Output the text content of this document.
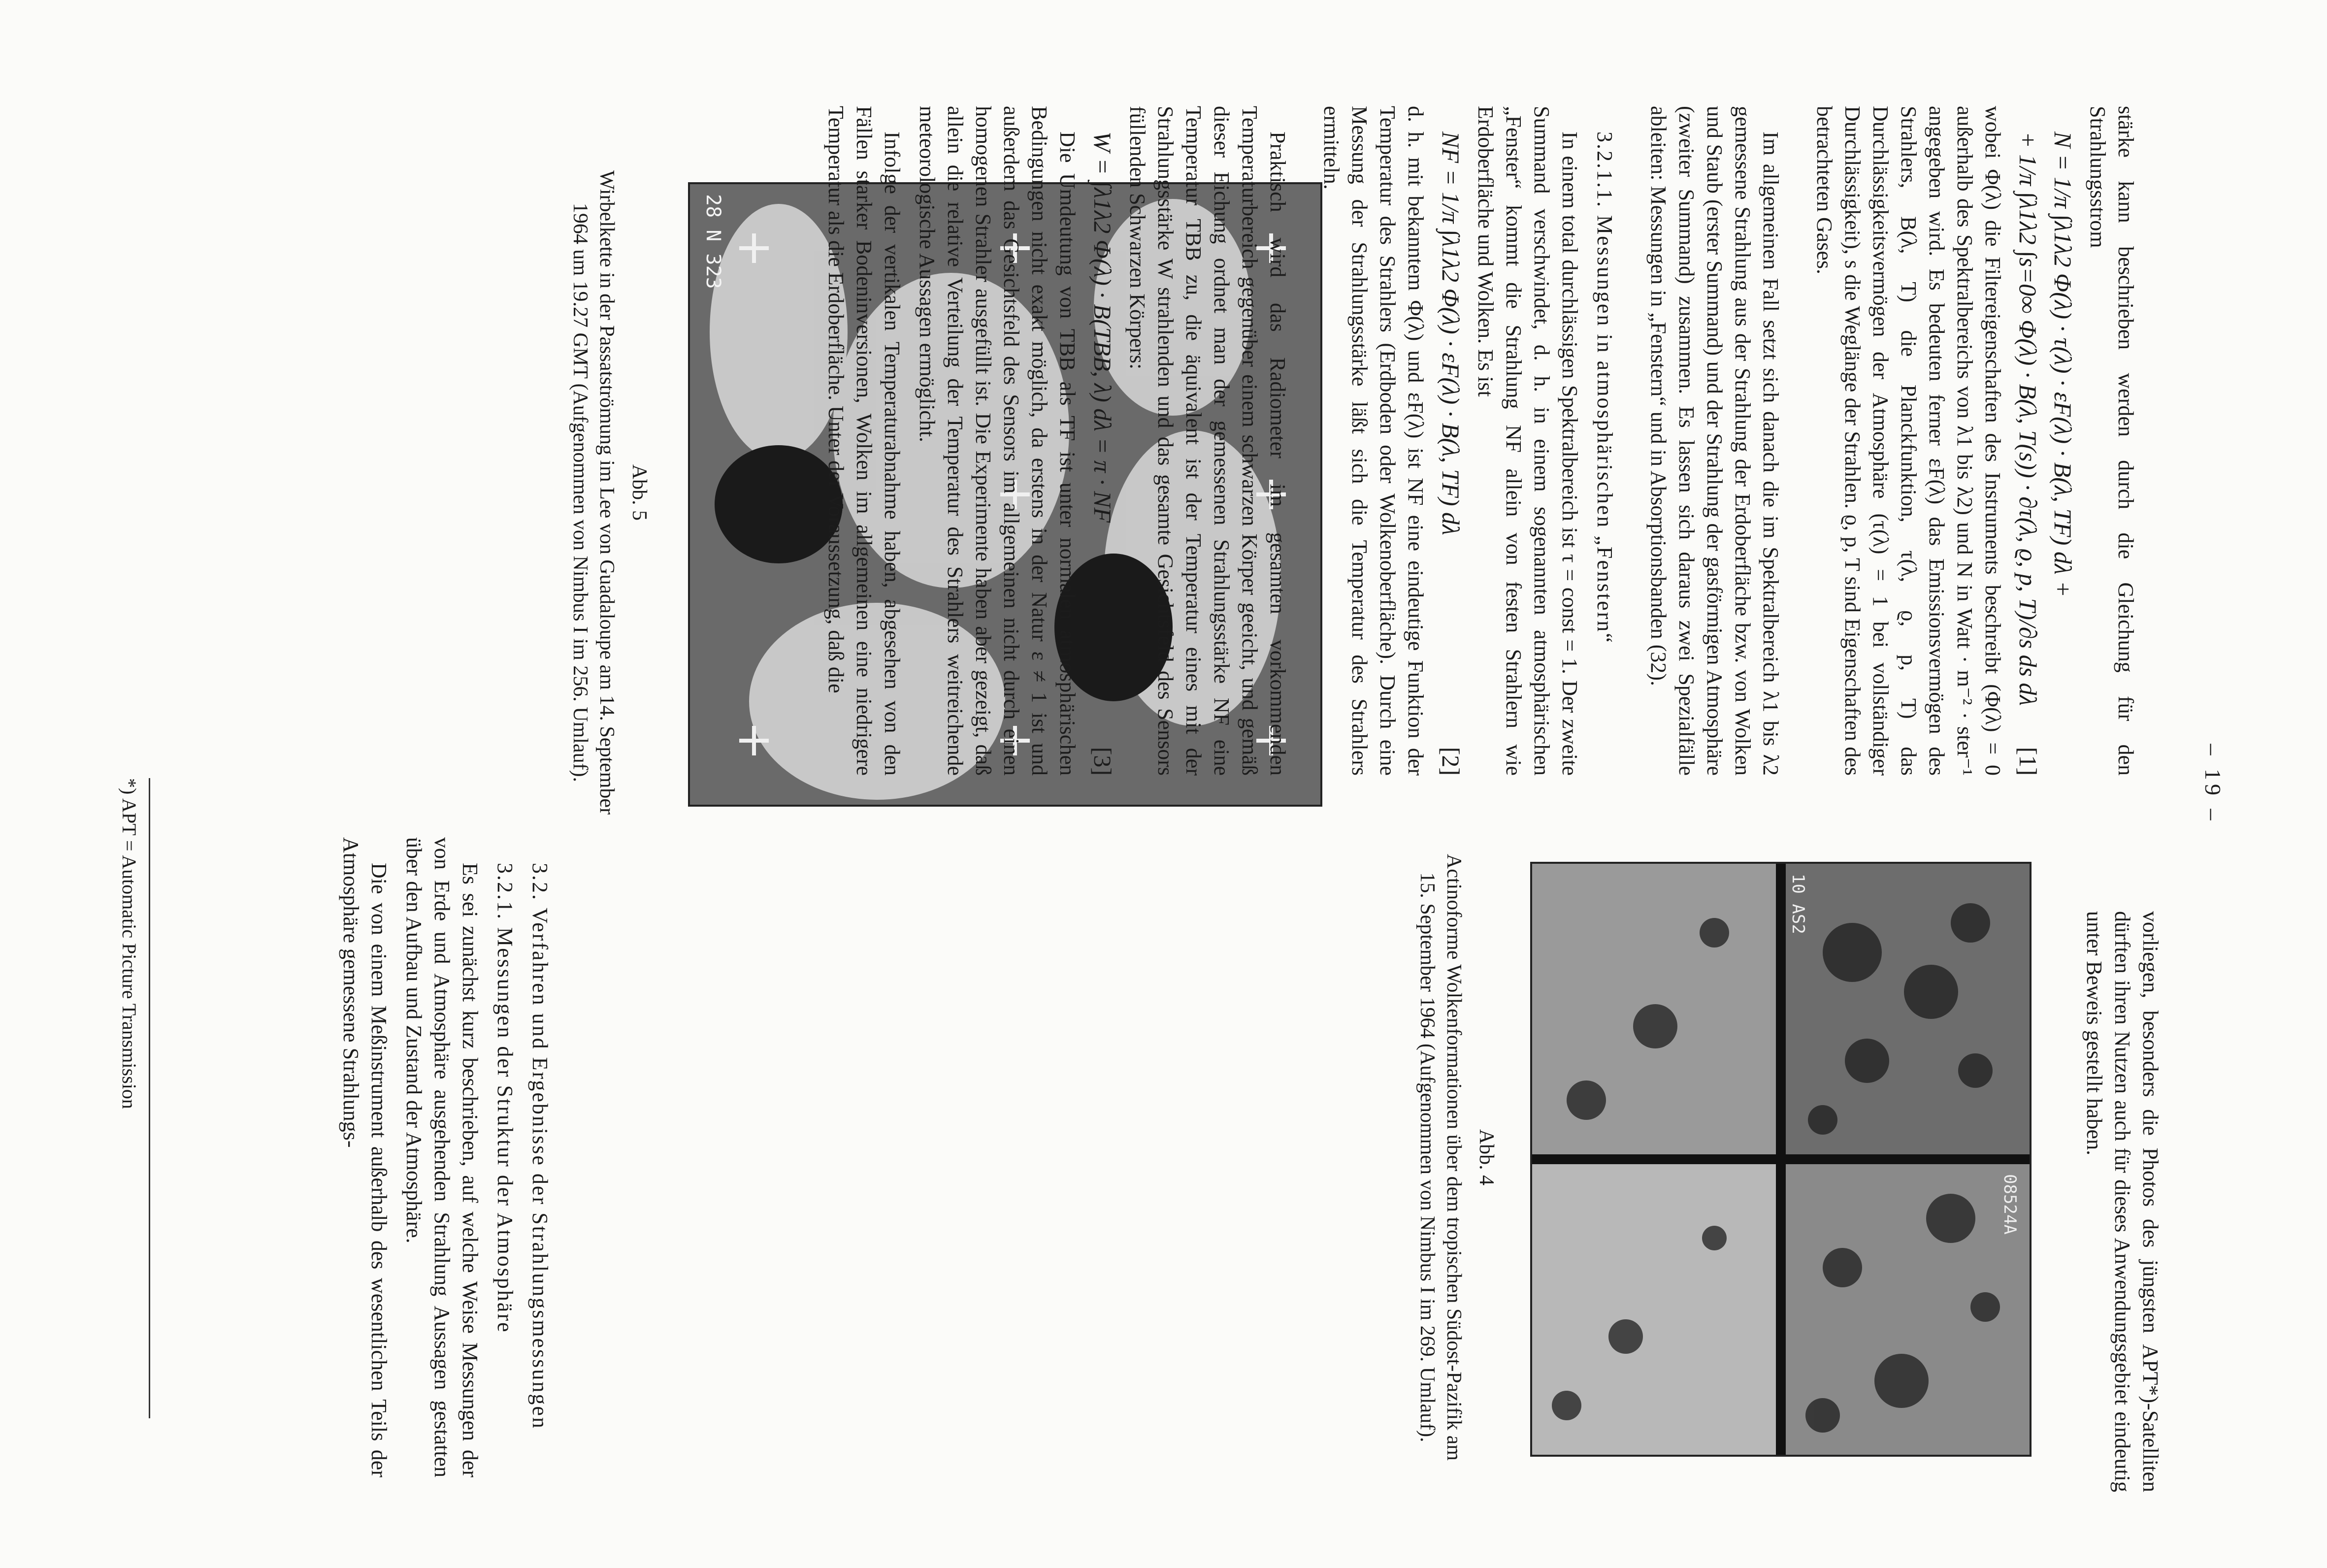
– 19 –

vorliegen, besonders die Photos des jüngsten APT*)-Satelliten dürften ihren Nutzen auch für dieses Anwendungsgebiet eindeutig unter Beweis gestellt haben.

10 AS2
08524A
Abb. 4
Actinoforme Wolkenformationen über dem tropischen Südost-Pazifik am 15. September 1964 (Aufgenommen von Nimbus I im 269. Umlauf).
28 N 323
Abb. 5
Wirbelkette in der Passatströmung im Lee von Guadaloupe am 14. September 1964 um 19.27 GMT (Aufgenommen von Nimbus I im 256. Umlauf).

3.2. Verfahren und Ergebnisse der Strahlungsmessungen

3.2.1. Messungen der Struktur der Atmosphäre

Es sei zunächst kurz beschrieben, auf welche Weise Messungen der von Erde und Atmosphäre ausgehenden Strahlung Aussagen gestatten über den Aufbau und Zustand der Atmosphäre.

Die von einem Meßinstrument außerhalb des wesentlichen Teils der Atmosphäre gemessene Strahlungs-

*) APT = Automatic Picture Transmission

stärke kann beschrieben werden durch die Gleichung für den Strahlungsstrom

N = 1/π ∫λ1λ2 Φ(λ) · τ(λ) · εF(λ) · B(λ, TF) dλ +

+ 1/π ∫λ1λ2 ∫s=0∞ Φ(λ) · B(λ, T(s)) · ∂τ(λ, ϱ, p, T)/∂s ds dλ
[1]

wobei Φ(λ) die Filtereigenschaften des Instruments beschreibt (Φ(λ) = 0 außerhalb des Spektralbereichs von λ1 bis λ2) und N in Watt · m⁻² · ster⁻¹ angegeben wird. Es bedeuten ferner εF(λ) das Emissionsvermögen des Strahlers, B(λ, T) die Planckfunktion, τ(λ, ϱ, p, T) das Durchlässigkeitsvermögen der Atmosphäre (τ(λ) = 1 bei vollständiger Durchlässigkeit), s die Weglänge der Strahlen. ϱ, p, T sind Eigenschaften des betrachteten Gases.

Im allgemeinen Fall setzt sich danach die im Spektralbereich λ1 bis λ2 gemessene Strahlung aus der Strahlung der Erdoberfläche bzw. von Wolken und Staub (erster Summand) und der Strahlung der gasförmigen Atmosphäre (zweiter Summand) zusammen. Es lassen sich daraus zwei Spezialfälle ableiten: Messungen in „Fenstern“ und in Absorptionsbanden (32).

3.2.1.1. Messungen in atmosphärischen „Fenstern“

In einem total durchlässigen Spektralbereich ist τ = const = 1. Der zweite Summand verschwindet, d. h. in einem sogenannten atmosphärischen „Fenster“ kommt die Strahlung NF allein von festen Strahlern wie Erdoberfläche und Wolken. Es ist

NF = 1/π ∫λ1λ2 Φ(λ) · εF(λ) · B(λ, TF) dλ
[2]

d. h. mit bekanntem Φ(λ) und εF(λ) ist NF eine eindeutige Funktion der Temperatur des Strahlers (Erdboden oder Wolkenoberfläche). Durch eine Messung der Strahlungsstärke läßt sich die Temperatur des Strahlers ermitteln.

Praktisch wird das Radiometer im gesamten vorkommenden Temperaturbereich gegenüber einem schwarzen Körper geeicht, und gemäß dieser Eichung ordnet man der gemessenen Strahlungsstärke NF eine Temperatur TBB zu, die äquivalent ist der Temperatur eines mit der Strahlungsstärke W strahlenden und das gesamte Gesichtsfeld des Sensors füllenden Schwarzen Körpers:

W = ∫λ1λ2 Φ(λ) · B(TBB, λ) dλ = π · NF
[3]

Die Umdeutung von TBB als TF ist unter normalen atmosphärischen Bedingungen nicht exakt möglich, da erstens in der Natur ε ≠ 1 ist und außerdem das Gesichtsfeld des Sensors im allgemeinen nicht durch einen homogenen Strahler ausgefüllt ist. Die Experimente haben aber gezeigt, daß allein die relative Verteilung der Temperatur des Strahlers weitreichende meteorologische Aussagen ermöglicht.

Infolge der vertikalen Temperaturabnahme haben, abgesehen von den Fällen starker Bodeninversionen, Wolken im allgemeinen eine niedrigere Temperatur als die Erdoberfläche. Unter der Voraussetzung, daß die
